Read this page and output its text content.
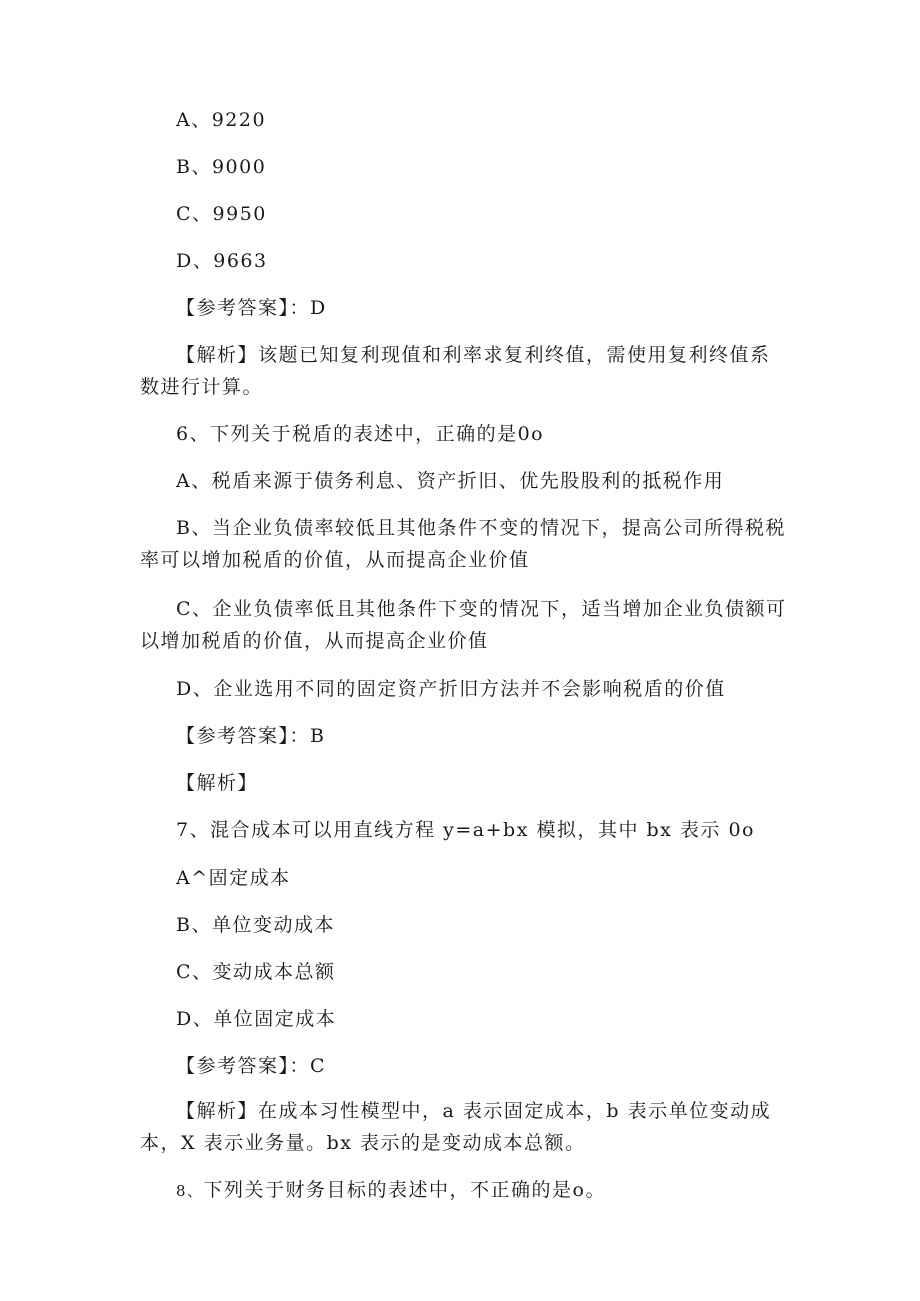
A、9220
B、9000
C、9950
D、9663
【参考答案】：D
【解析】该题已知复利现值和利率求复利终值，需使用复利终值系
数进行计算。
6、下列关于税盾的表述中，正确的是0o
A、税盾来源于债务利息、资产折旧、优先股股利的抵税作用
B、当企业负债率较低且其他条件不变的情况下，提高公司所得税税
率可以增加税盾的价值，从而提高企业价值
C、企业负债率低且其他条件下变的情况下，适当增加企业负债额可
以增加税盾的价值，从而提高企业价值
D、企业选用不同的固定资产折旧方法并不会影响税盾的价值
【参考答案】：B
【解析】
7、混合成本可以用直线方程 y=a+bx 模拟，其中 bx 表示 0o
A^固定成本
B、单位变动成本
C、变动成本总额
D、单位固定成本
【参考答案】：C
【解析】在成本习性模型中，a 表示固定成本，b 表示单位变动成
本，X 表示业务量。bx 表示的是变动成本总额。
8、下列关于财务目标的表述中，不正确的是o。
